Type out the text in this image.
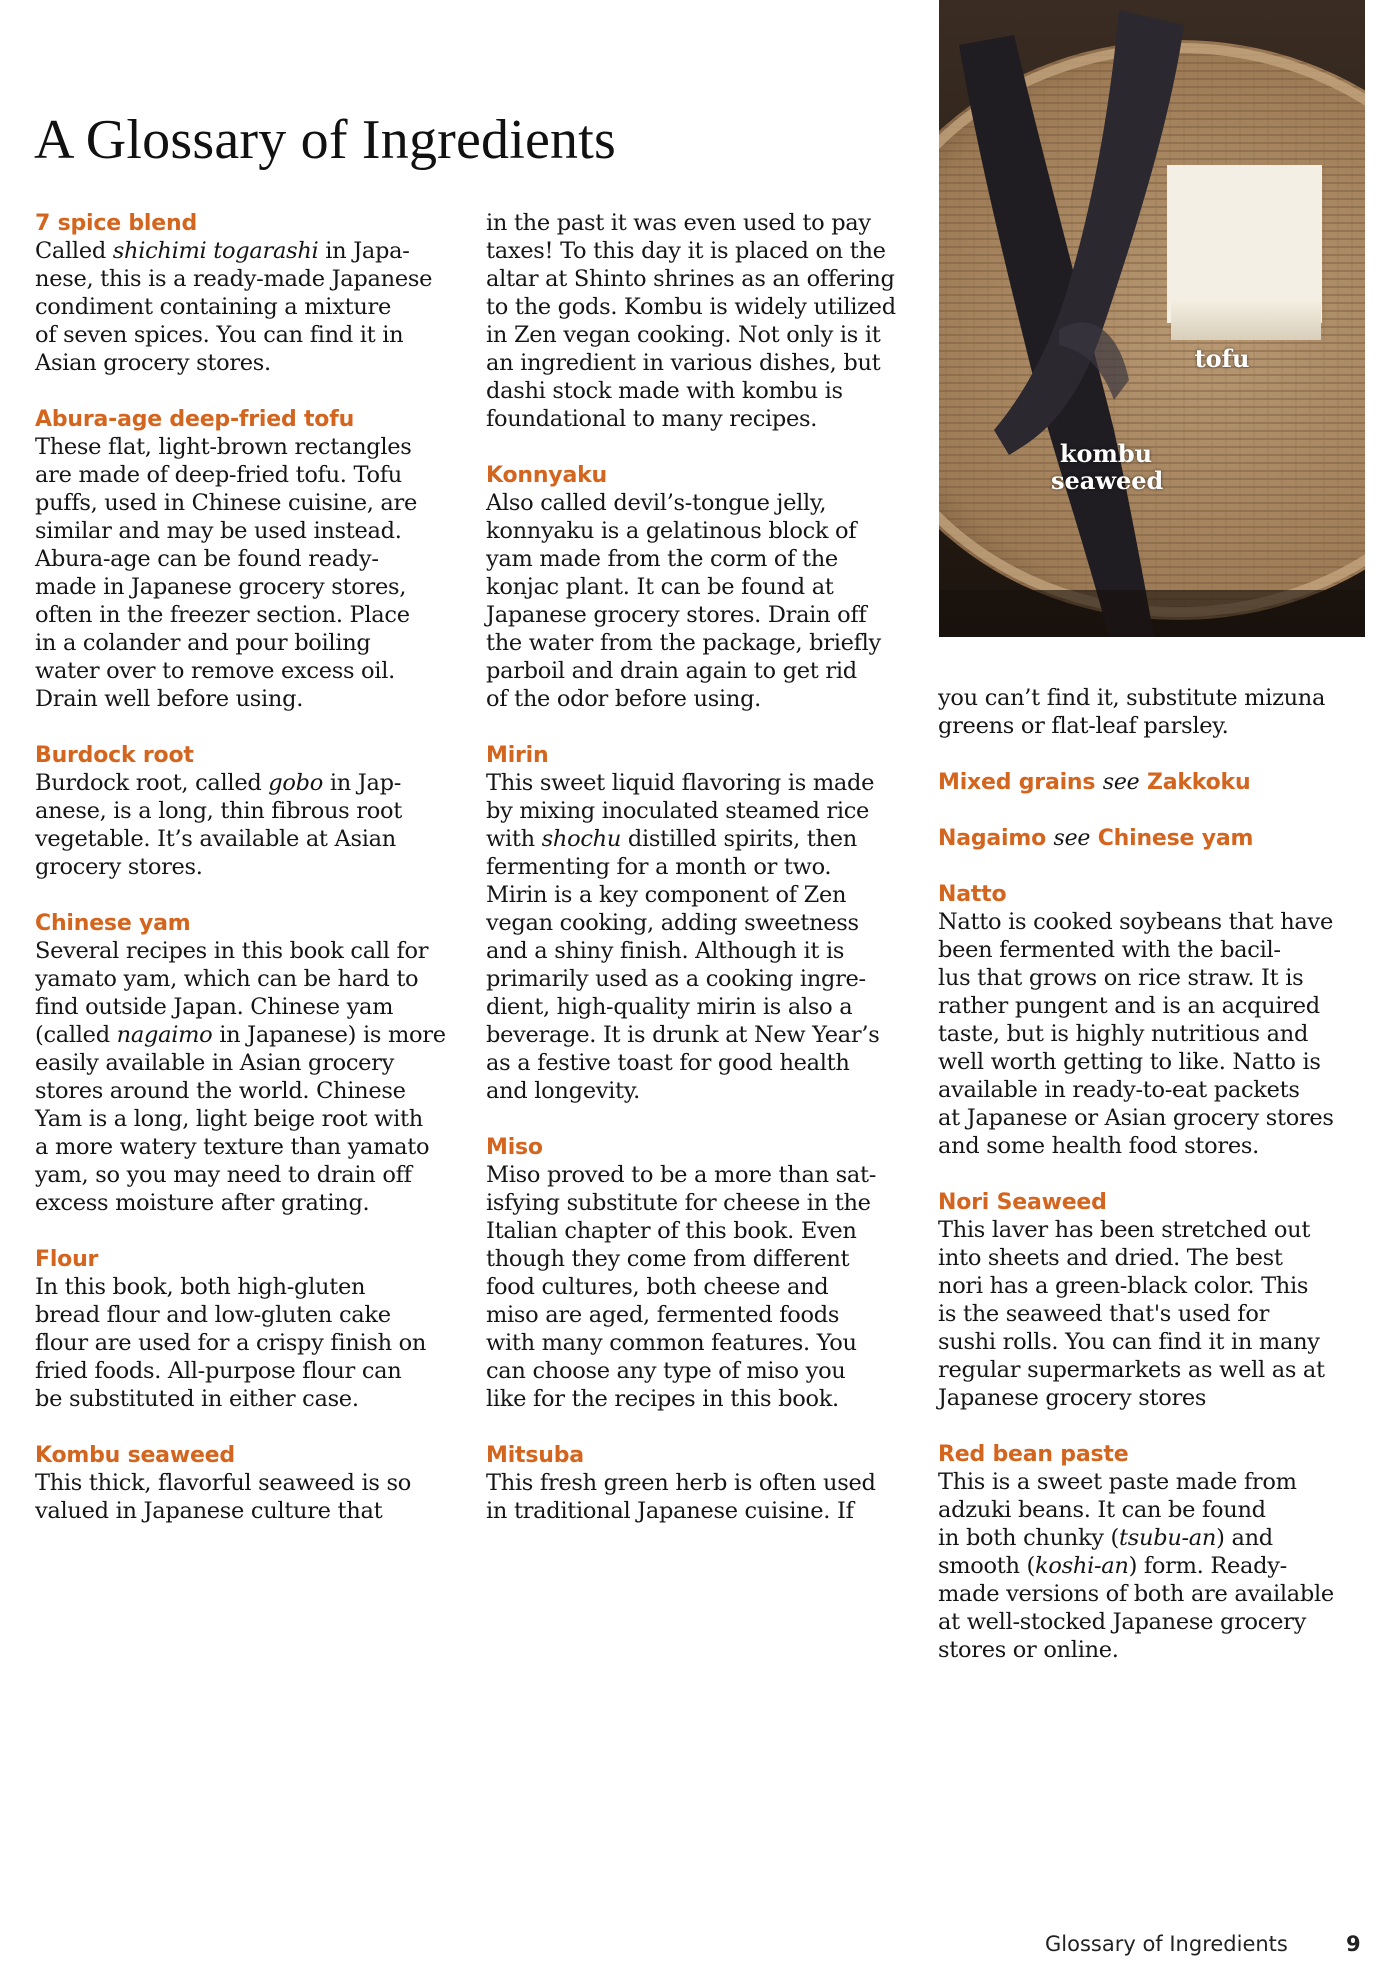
A Glossary of Ingredients
7 spice blend
Called shichimi togarashi in Japa-
nese, this is a ready-made Japanese
condiment containing a mixture
of seven spices. You can find it in
Asian grocery stores.
Abura-age deep-fried tofu
These flat, light-brown rectangles
are made of deep-fried tofu. Tofu
puffs, used in Chinese cuisine, are
similar and may be used instead.
Abura-age can be found ready-
made in Japanese grocery stores,
often in the freezer section. Place
in a colander and pour boiling
water over to remove excess oil.
Drain well before using.
Burdock root
Burdock root, called gobo in Jap-
anese, is a long, thin fibrous root
vegetable. It’s available at Asian
grocery stores.
Chinese yam
Several recipes in this book call for
yamato yam, which can be hard to
find outside Japan. Chinese yam
(called nagaimo in Japanese) is more
easily available in Asian grocery
stores around the world. Chinese
Yam is a long, light beige root with
a more watery texture than yamato
yam, so you may need to drain off
excess moisture after grating.
Flour
In this book, both high-gluten
bread flour and low-gluten cake
flour are used for a crispy finish on
fried foods. All-purpose flour can
be substituted in either case.
Kombu seaweed
This thick, flavorful seaweed is so
valued in Japanese culture that
in the past it was even used to pay
taxes! To this day it is placed on the
altar at Shinto shrines as an offering
to the gods. Kombu is widely utilized
in Zen vegan cooking. Not only is it
an ingredient in various dishes, but
dashi stock made with kombu is
foundational to many recipes.
Konnyaku
Also called devil’s-tongue jelly,
konnyaku is a gelatinous block of
yam made from the corm of the
konjac plant. It can be found at
Japanese grocery stores. Drain off
the water from the package, briefly
parboil and drain again to get rid
of the odor before using.
Mirin
This sweet liquid flavoring is made
by mixing inoculated steamed rice
with shochu distilled spirits, then
fermenting for a month or two.
Mirin is a key component of Zen
vegan cooking, adding sweetness
and a shiny finish. Although it is
primarily used as a cooking ingre-
dient, high-quality mirin is also a
beverage. It is drunk at New Year’s
as a festive toast for good health
and longevity.
Miso
Miso proved to be a more than sat-
isfying substitute for cheese in the
Italian chapter of this book. Even
though they come from different
food cultures, both cheese and
miso are aged, fermented foods
with many common features. You
can choose any type of miso you
like for the recipes in this book.
Mitsuba
This fresh green herb is often used
in traditional Japanese cuisine. If
you can’t find it, substitute mizuna
greens or flat-leaf parsley.
Mixed grains see Zakkoku
Nagaimo see Chinese yam
Natto
Natto is cooked soybeans that have
been fermented with the bacil-
lus that grows on rice straw. It is
rather pungent and is an acquired
taste, but is highly nutritious and
well worth getting to like. Natto is
available in ready-to-eat packets
at Japanese or Asian grocery stores
and some health food stores.
Nori Seaweed
This laver has been stretched out
into sheets and dried. The best
nori has a green-black color. This
is the seaweed that's used for
sushi rolls. You can find it in many
regular supermarkets as well as at
Japanese grocery stores
Red bean paste
This is a sweet paste made from
adzuki beans. It can be found
in both chunky (tsubu-an) and
smooth (koshi-an) form. Ready-
made versions of both are available
at well-stocked Japanese grocery
stores or online.
tofu
kombu
seaweed
Glossary of Ingredients	9
